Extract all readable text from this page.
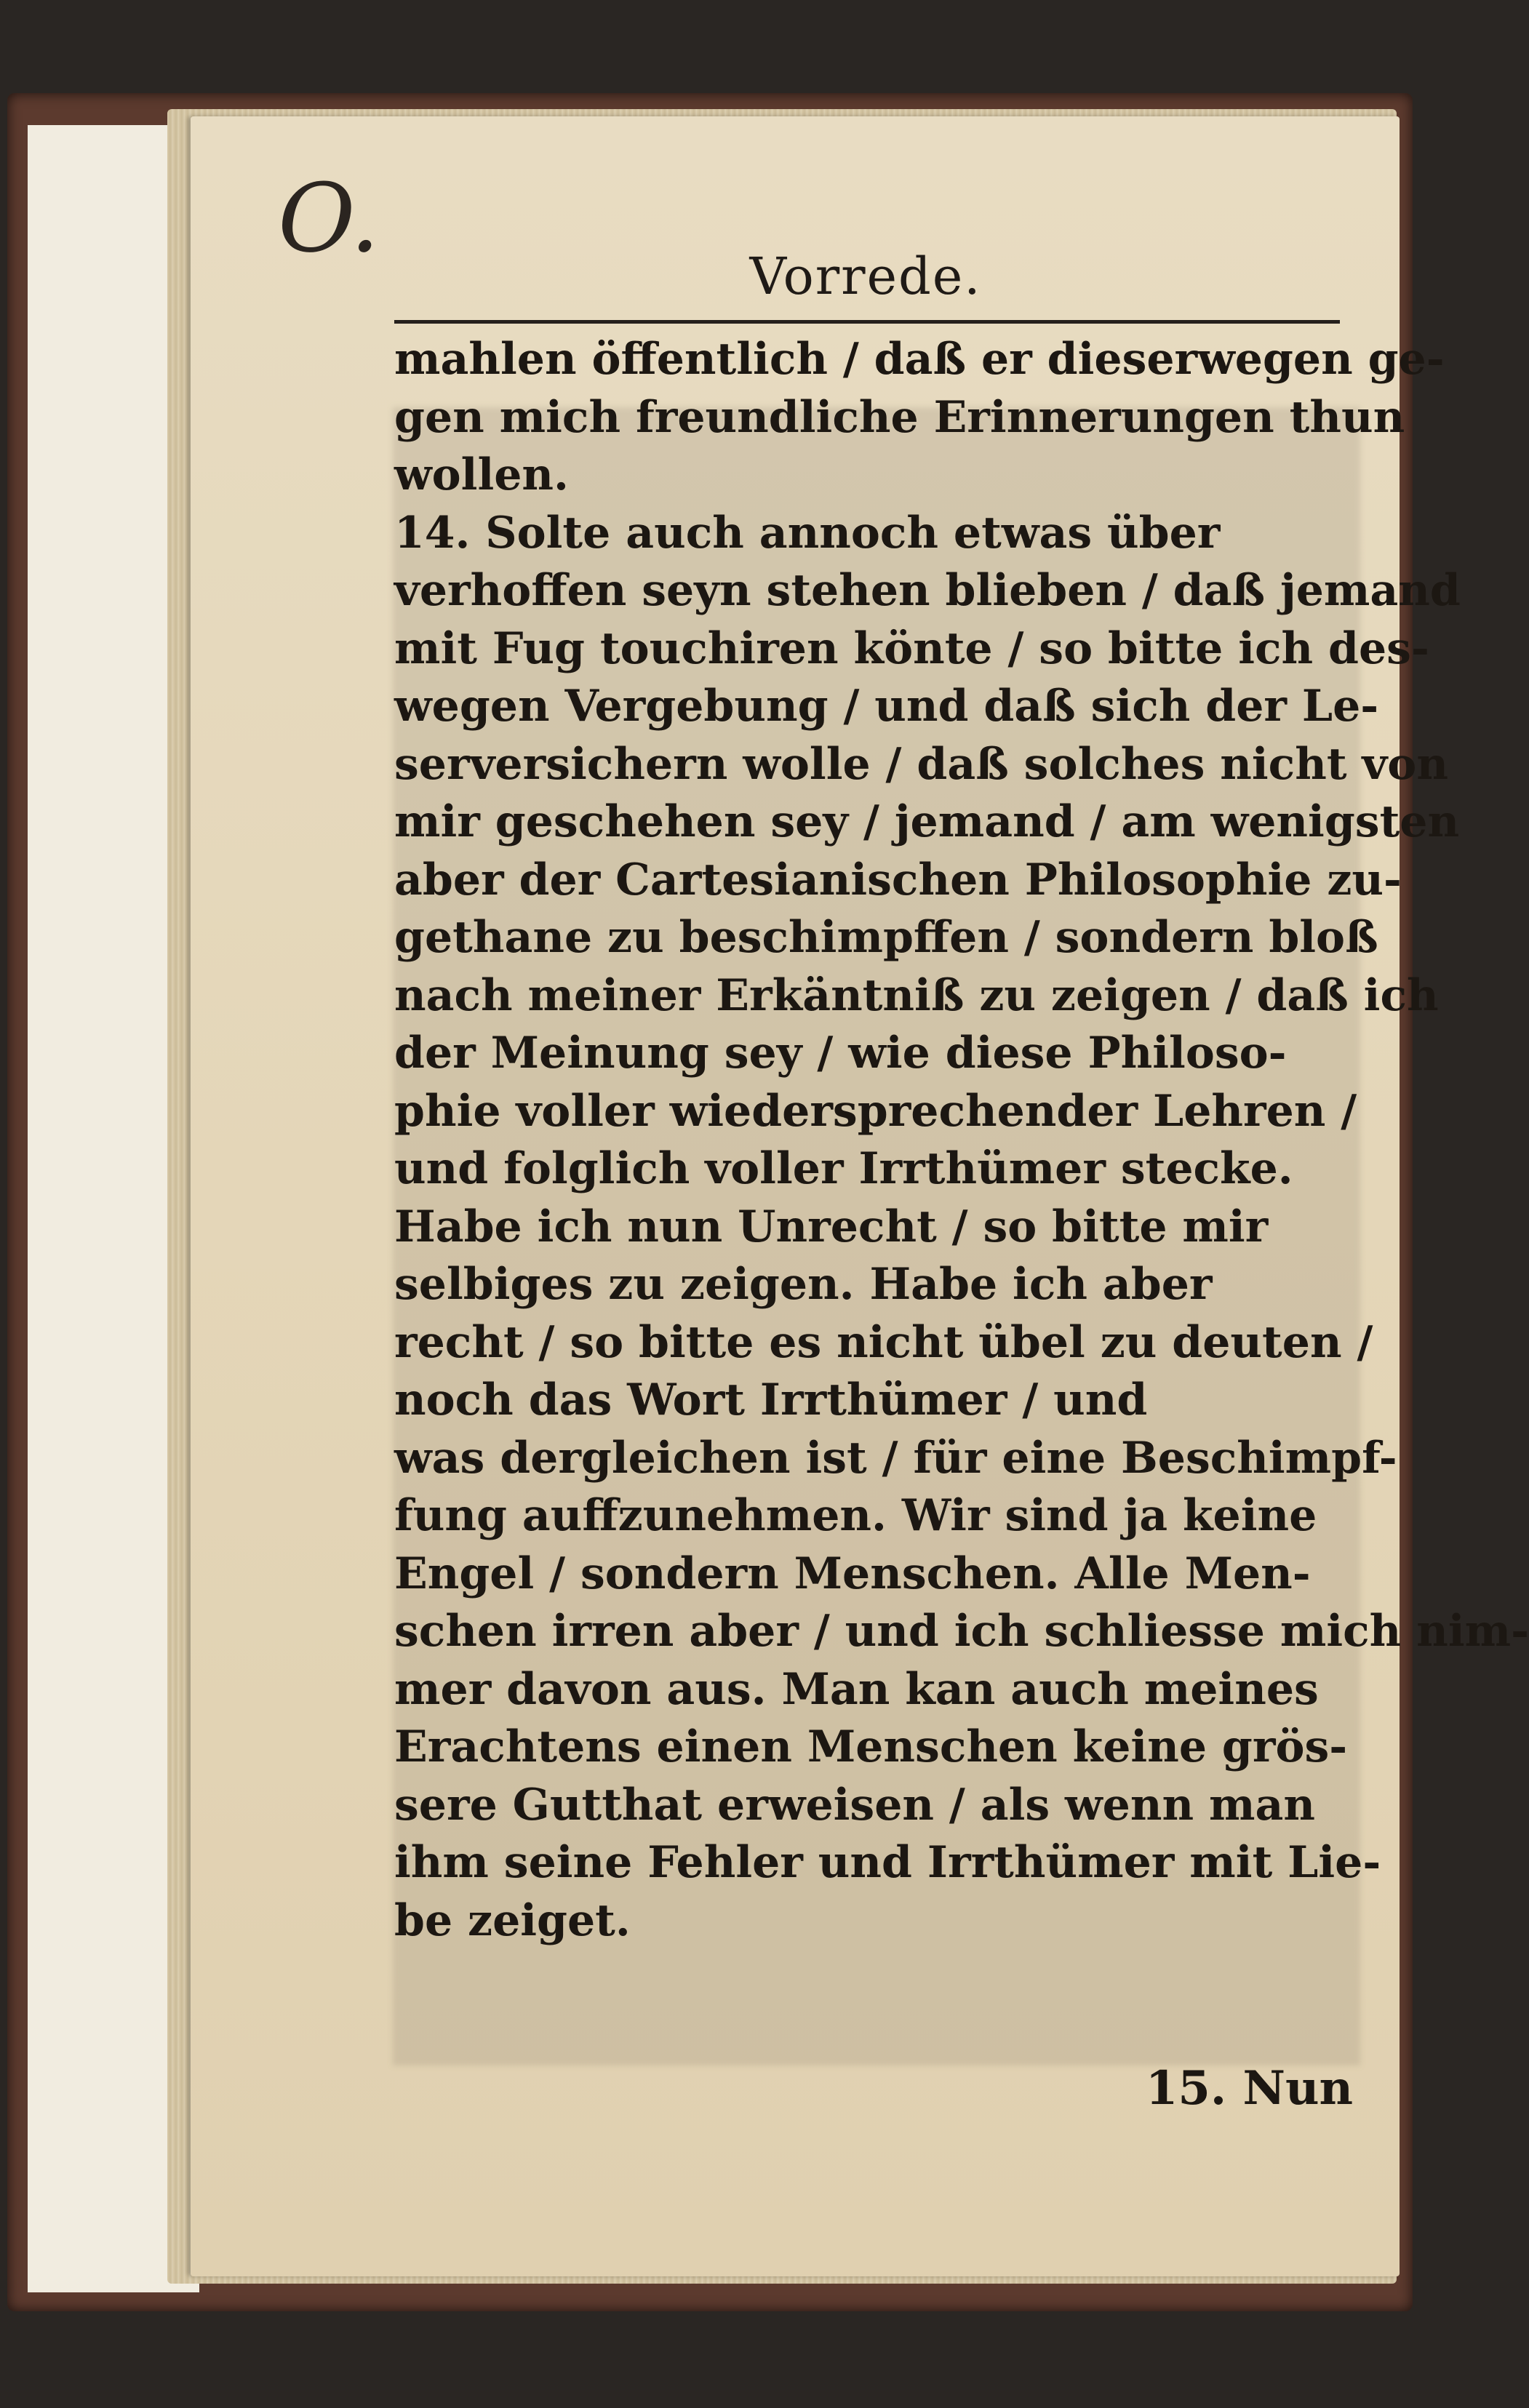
O.
Vorrede.
mahlen öffentlich / daß er dieserwegen ge-
gen mich freundliche Erinnerungen thun
wollen.
14. Solte auch annoch etwas über
verhoffen seyn stehen blieben / daß jemand
mit Fug touchiren könte / so bitte ich des-
wegen Vergebung / und daß sich der Le-
serversichern wolle / daß solches nicht von
mir geschehen sey / jemand / am wenigsten
aber der Cartesianischen Philosophie zu-
gethane zu beschimpffen / sondern bloß
nach meiner Erkäntniß zu zeigen / daß ich
der Meinung sey / wie diese Philoso-
phie voller wiedersprechender Lehren /
und folglich voller Irrthümer stecke.
Habe ich nun Unrecht / so bitte mir
selbiges zu zeigen. Habe ich aber
recht / so bitte es nicht übel zu deuten /
noch das Wort Irrthümer / und
was dergleichen ist / für eine Beschimpf-
fung auffzunehmen. Wir sind ja keine
Engel / sondern Menschen. Alle Men-
schen irren aber / und ich schliesse mich nim-
mer davon aus. Man kan auch meines
Erachtens einen Menschen keine grös-
sere Gutthat erweisen / als wenn man
ihm seine Fehler und Irrthümer mit Lie-
be zeiget.
15. Nun
